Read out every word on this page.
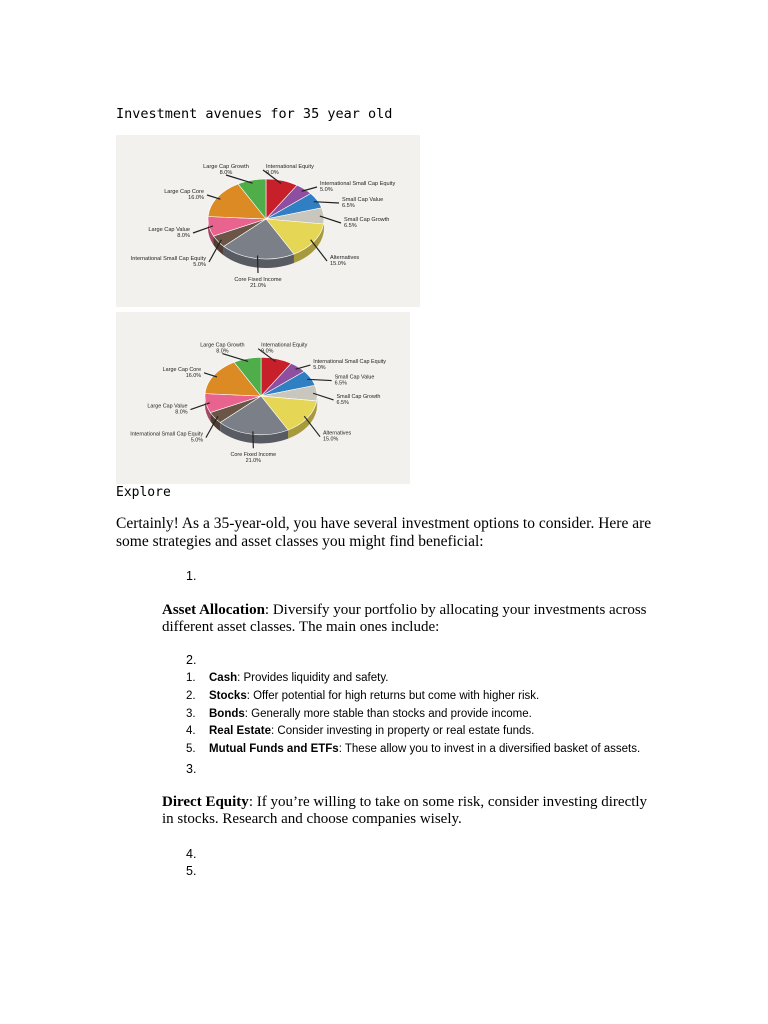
Investment avenues for 35 year old
International Equity 9.0%
International Small Cap Equity 5.0%
Small Cap Value 6.5%
Small Cap Growth 6.5%
Alternatives 15.0%
Core Fixed Income 21.0%
International Small Cap Equity 5.0%
Large Cap Value 8.0%
Large Cap Core 16.0%
Large Cap Growth 8.0%
International Equity 9.0%
International Small Cap Equity 5.0%
Small Cap Value 6.5%
Small Cap Growth 6.5%
Alternatives 15.0%
Core Fixed Income 21.0%
International Small Cap Equity 5.0%
Large Cap Value 8.0%
Large Cap Core 16.0%
Large Cap Growth 8.0%
Explore
Certainly! As a 35-year-old, you have several investment options to consider. Here are some strategies and asset classes you might find beneficial:
1.
Asset Allocation: Diversify your portfolio by allocating your investments across different asset classes. The main ones include:
2.
1. Cash: Provides liquidity and safety.
2. Stocks: Offer potential for high returns but come with higher risk.
3. Bonds: Generally more stable than stocks and provide income.
4. Real Estate: Consider investing in property or real estate funds.
5. Mutual Funds and ETFs: These allow you to invest in a diversified basket of assets.
3.
Direct Equity: If you’re willing to take on some risk, consider investing directly in stocks. Research and choose companies wisely.
4.
5.
